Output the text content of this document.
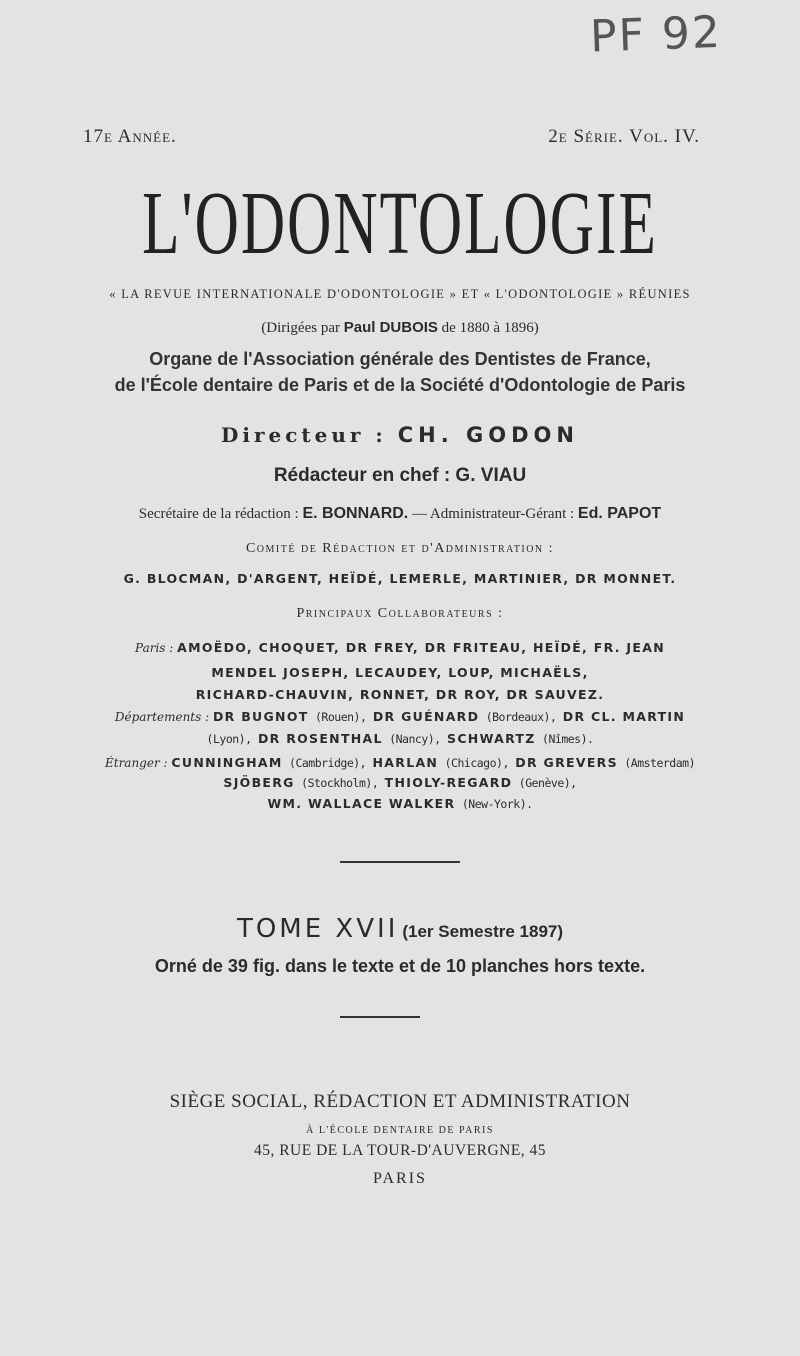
PF 92
17e Année.	2e Série. Vol. IV.
L'ODONTOLOGIE
« LA REVUE INTERNATIONALE D'ODONTOLOGIE » ET « L'ODONTOLOGIE » RÉUNIES
(Dirigées par Paul DUBOIS de 1880 à 1896)
Organe de l'Association générale des Dentistes de France,
de l'École dentaire de Paris et de la Société d'Odontologie de Paris
Directeur : CH. GODON
Rédacteur en chef : G. VIAU
Secrétaire de la rédaction : E. BONNARD. — Administrateur-Gérant : Ed. PAPOT
Comité de Rédaction et d'Administration :
G. BLOCMAN, D'ARGENT, HEÏDÉ, LEMERLE, MARTINIER, DR MONNET.
Principaux Collaborateurs :
Paris : AMOËDO, CHOQUET, DR FREY, DR FRITEAU, HEÏDÉ, FR. JEAN
MENDEL JOSEPH, LECAUDEY, LOUP, MICHAËLS,
RICHARD-CHAUVIN, RONNET, DR ROY, DR SAUVEZ.
Départements : DR BUGNOT (Rouen), DR GUÉNARD (Bordeaux), DR CL. MARTIN
(Lyon), DR ROSENTHAL (Nancy), SCHWARTZ (Nîmes).
Étranger : CUNNINGHAM (Cambridge), HARLAN (Chicago), DR GREVERS (Amsterdam)
SJÖBERG (Stockholm), THIOLY-REGARD (Genève),
WM. WALLACE WALKER (New-York).
TOME XVII (1er Semestre 1897)
Orné de 39 fig. dans le texte et de 10 planches hors texte.
SIÈGE SOCIAL, RÉDACTION ET ADMINISTRATION
À L'ÉCOLE DENTAIRE DE PARIS
45, RUE DE LA TOUR-D'AUVERGNE, 45
PARIS
